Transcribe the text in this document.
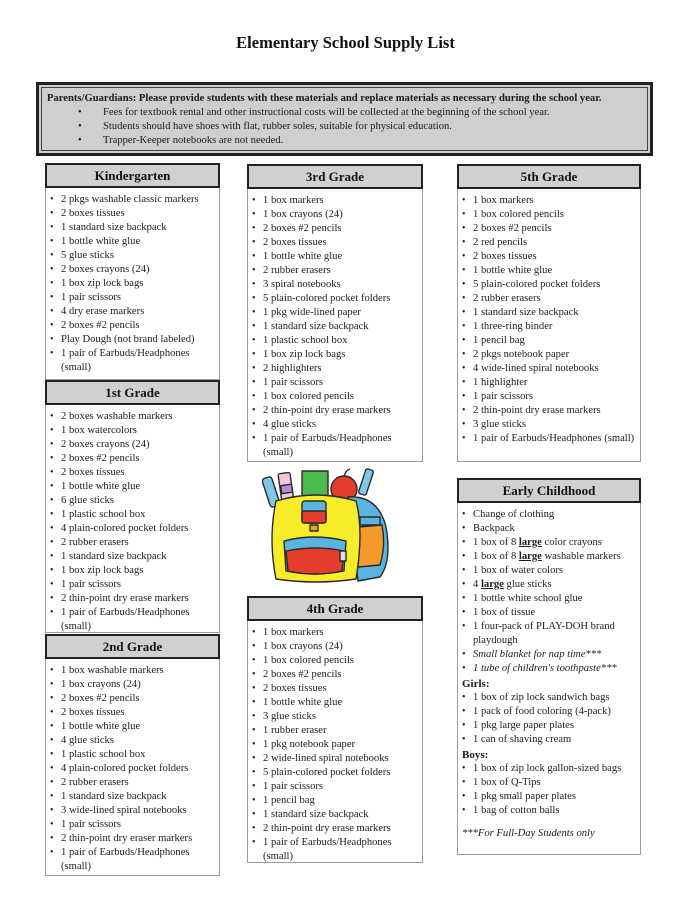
Elementary School Supply List
Parents/Guardians: Please provide students with these materials and replace materials as necessary during the school year.
• Fees for textbook rental and other instructional costs will be collected at the beginning of the school year.
• Students should have shoes with flat, rubber soles, suitable for physical education.
• Trapper-Keeper notebooks are not needed.
Kindergarten
• 2 pkgs washable classic markers
• 2 boxes tissues
• 1 standard size backpack
• 1 bottle white glue
• 5 glue sticks
• 2 boxes crayons (24)
• 1 box zip lock bags
• 1 pair scissors
• 4 dry erase markers
• 2 boxes #2 pencils
• Play Dough (not brand labeled)
• 1 pair of Earbuds/Headphones (small)
1st Grade
• 2 boxes washable markers
• 1 box watercolors
• 2 boxes crayons (24)
• 2 boxes #2 pencils
• 2 boxes tissues
• 1 bottle white glue
• 6 glue sticks
• 1 plastic school box
• 4 plain-colored pocket folders
• 2 rubber erasers
• 1 standard size backpack
• 1 box zip lock bags
• 1 pair scissors
• 2 thin-point dry erase markers
• 1 pair of Earbuds/Headphones (small)
2nd Grade
• 1 box washable markers
• 1 box crayons (24)
• 2 boxes #2 pencils
• 2 boxes tissues
• 1 bottle white glue
• 4 glue sticks
• 1 plastic school box
• 4 plain-colored pocket folders
• 2 rubber erasers
• 1 standard size backpack
• 3 wide-lined spiral notebooks
• 1 pair scissors
• 2 thin-point dry eraser markers
• 1 pair of Earbuds/Headphones (small)
3rd Grade
• 1 box markers
• 1 box crayons (24)
• 2 boxes #2 pencils
• 2 boxes tissues
• 1 bottle white glue
• 2 rubber erasers
• 3 spiral notebooks
• 5 plain-colored pocket folders
• 1 pkg wide-lined paper
• 1 standard size backpack
• 1 plastic school box
• 1 box zip lock bags
• 2 highlighters
• 1 pair scissors
• 1 box colored pencils
• 2 thin-point dry erase markers
• 4 glue sticks
• 1 pair of Earbuds/Headphones (small)
4th Grade
• 1 box markers
• 1 box crayons (24)
• 1 box colored pencils
• 2 boxes #2 pencils
• 2 boxes tissues
• 1 bottle white glue
• 3 glue sticks
• 1 rubber eraser
• 1 pkg notebook paper
• 2 wide-lined spiral notebooks
• 5 plain-colored pocket folders
• 1 pair scissors
• 1 pencil bag
• 1 standard size backpack
• 2 thin-point dry erase markers
• 1 pair of Earbuds/Headphones (small)
5th Grade
• 1 box markers
• 1 box colored pencils
• 2 boxes #2 pencils
• 2 red pencils
• 2 boxes tissues
• 1 bottle white glue
• 5 plain-colored pocket folders
• 2 rubber erasers
• 1 standard size backpack
• 1 three-ring binder
• 1 pencil bag
• 2 pkgs notebook paper
• 4 wide-lined spiral notebooks
• 1 highlighter
• 1 pair scissors
• 2 thin-point dry erase markers
• 3 glue sticks
• 1 pair of Earbuds/Headphones (small)
Early Childhood
• Change of clothing
• Backpack
• 1 box of 8 large color crayons
• 1 box of 8 large washable markers
• 1 box of water colors
• 4 large glue sticks
• 1 bottle white school glue
• 1 box of tissue
• 1 four-pack of PLAY-DOH brand playdough
• Small blanket for nap time***
• 1 tube of children's toothpaste***
Girls:
• 1 box of zip lock sandwich bags
• 1 pack of food coloring (4-pack)
• 1 pkg large paper plates
• 1 can of shaving cream
Boys:
• 1 box of zip lock gallon-sized bags
• 1 box of Q-Tips
• 1 pkg small paper plates
• 1 bag of cotton balls
***For Full-Day Students only
